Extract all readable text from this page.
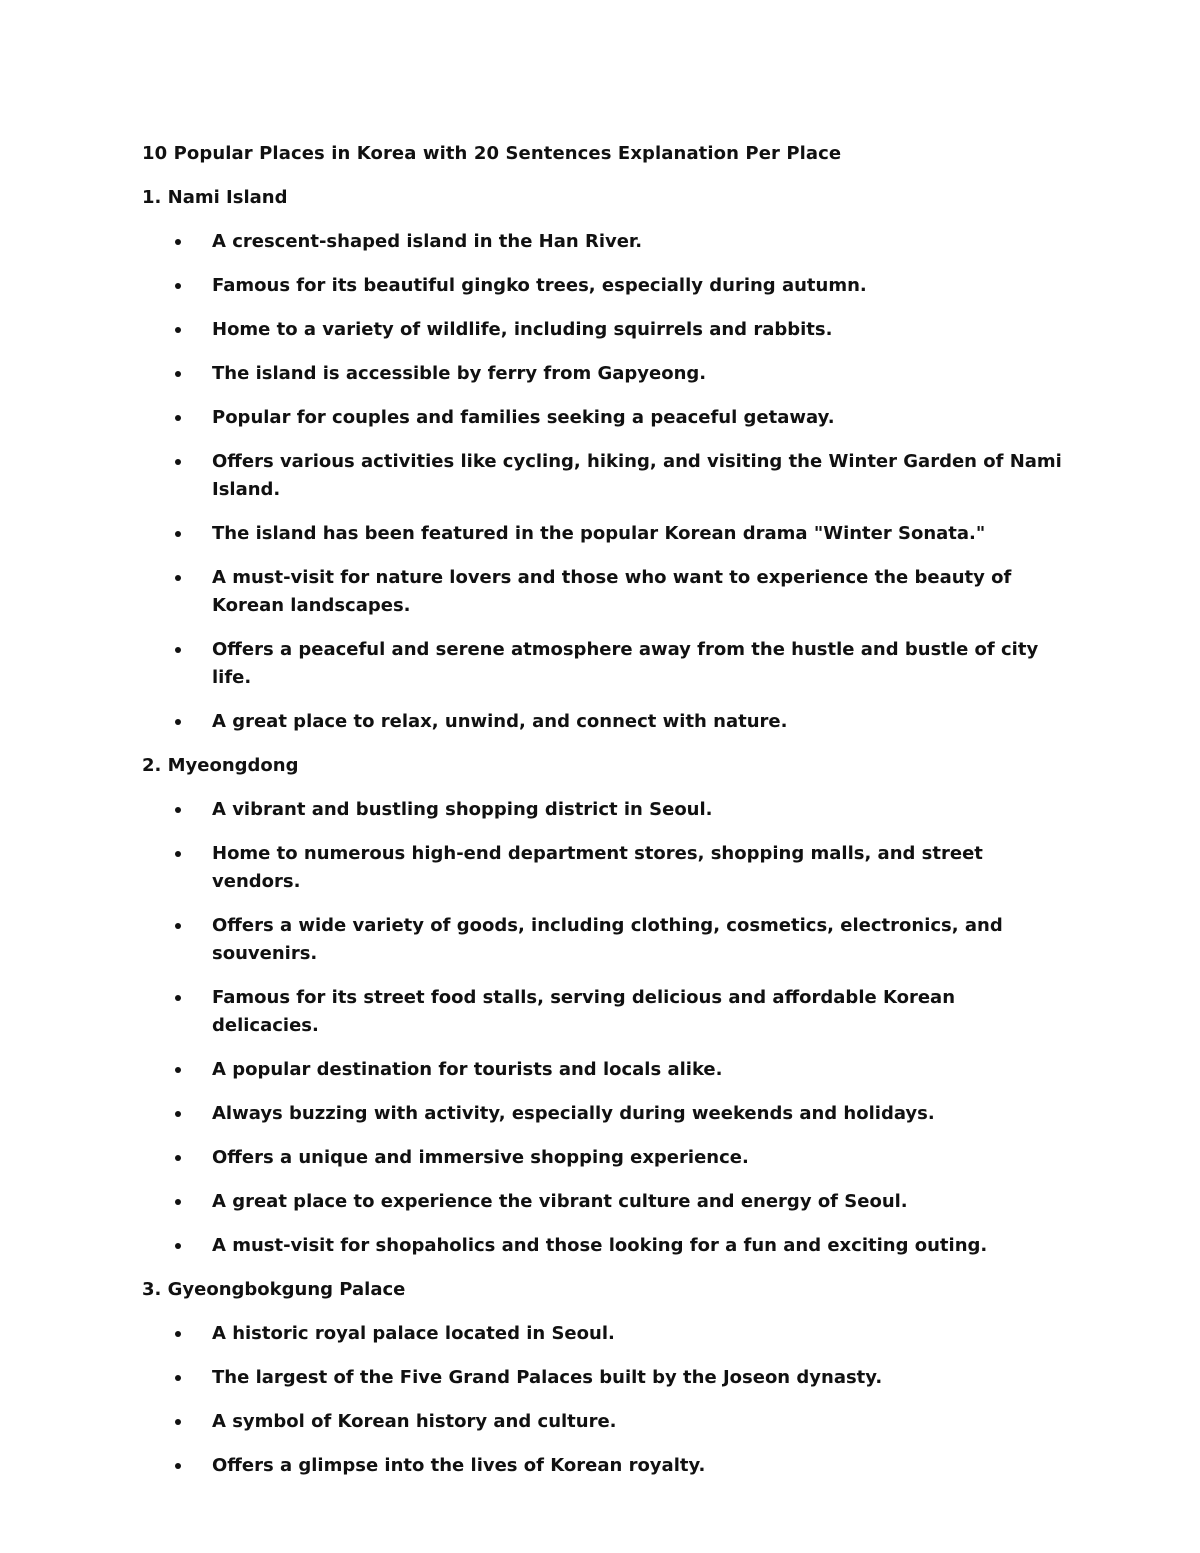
10 Popular Places in Korea with 20 Sentences Explanation Per Place
1. Nami Island
A crescent-shaped island in the Han River.
Famous for its beautiful gingko trees, especially during autumn.
Home to a variety of wildlife, including squirrels and rabbits.
The island is accessible by ferry from Gapyeong.
Popular for couples and families seeking a peaceful getaway.
Offers various activities like cycling, hiking, and visiting the Winter Garden of Nami Island.
The island has been featured in the popular Korean drama "Winter Sonata."
A must-visit for nature lovers and those who want to experience the beauty of Korean landscapes.
Offers a peaceful and serene atmosphere away from the hustle and bustle of city life.
A great place to relax, unwind, and connect with nature.
2. Myeongdong
A vibrant and bustling shopping district in Seoul.
Home to numerous high-end department stores, shopping malls, and street vendors.
Offers a wide variety of goods, including clothing, cosmetics, electronics, and souvenirs.
Famous for its street food stalls, serving delicious and affordable Korean delicacies.
A popular destination for tourists and locals alike.
Always buzzing with activity, especially during weekends and holidays.
Offers a unique and immersive shopping experience.
A great place to experience the vibrant culture and energy of Seoul.
A must-visit for shopaholics and those looking for a fun and exciting outing.
3. Gyeongbokgung Palace
A historic royal palace located in Seoul.
The largest of the Five Grand Palaces built by the Joseon dynasty.
A symbol of Korean history and culture.
Offers a glimpse into the lives of Korean royalty.
